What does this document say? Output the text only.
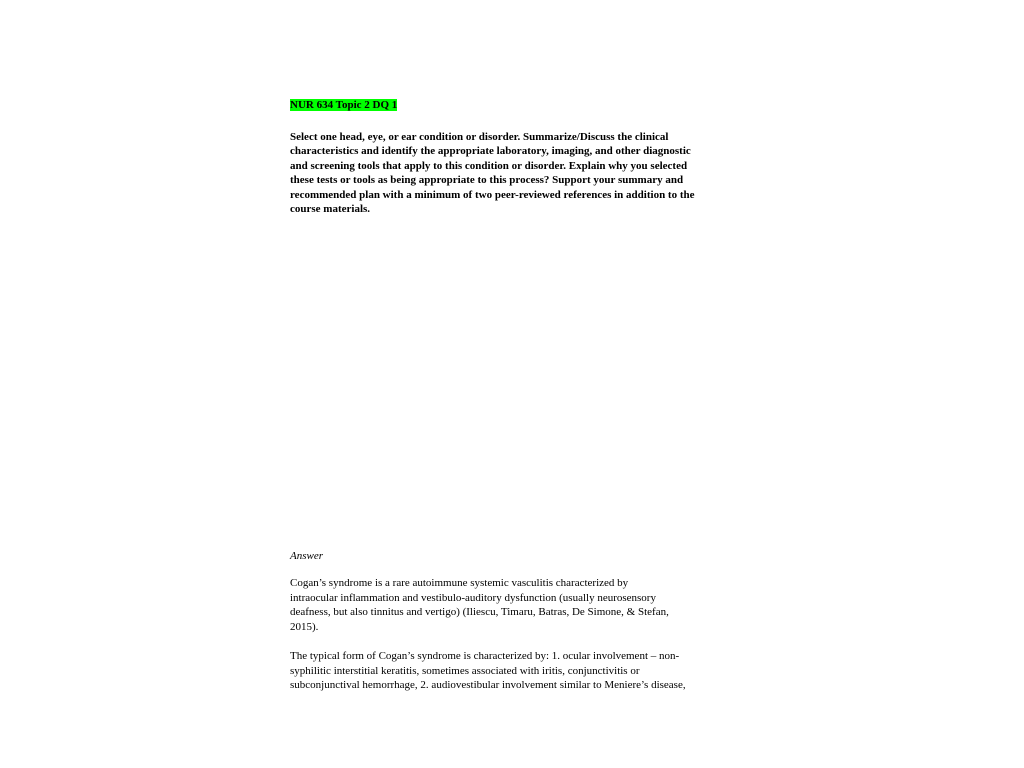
NUR 634 Topic 2 DQ 1
Select one head, eye, or ear condition or disorder. Summarize/Discuss the clinical
characteristics and identify the appropriate laboratory, imaging, and other diagnostic
and screening tools that apply to this condition or disorder. Explain why you selected
these tests or tools as being appropriate to this process? Support your summary and
recommended plan with a minimum of two peer-reviewed references in addition to the
course materials.
Answer
Cogan’s syndrome is a rare autoimmune systemic vasculitis characterized by
intraocular inflammation and vestibulo-auditory dysfunction (usually neurosensory
deafness, but also tinnitus and vertigo) (Iliescu, Timaru, Batras, De Simone, & Stefan,
2015).
The typical form of Cogan’s syndrome is characterized by: 1. ocular involvement – non-
syphilitic interstitial keratitis, sometimes associated with iritis, conjunctivitis or
subconjunctival hemorrhage, 2. audiovestibular involvement similar to Meniere’s disease,
